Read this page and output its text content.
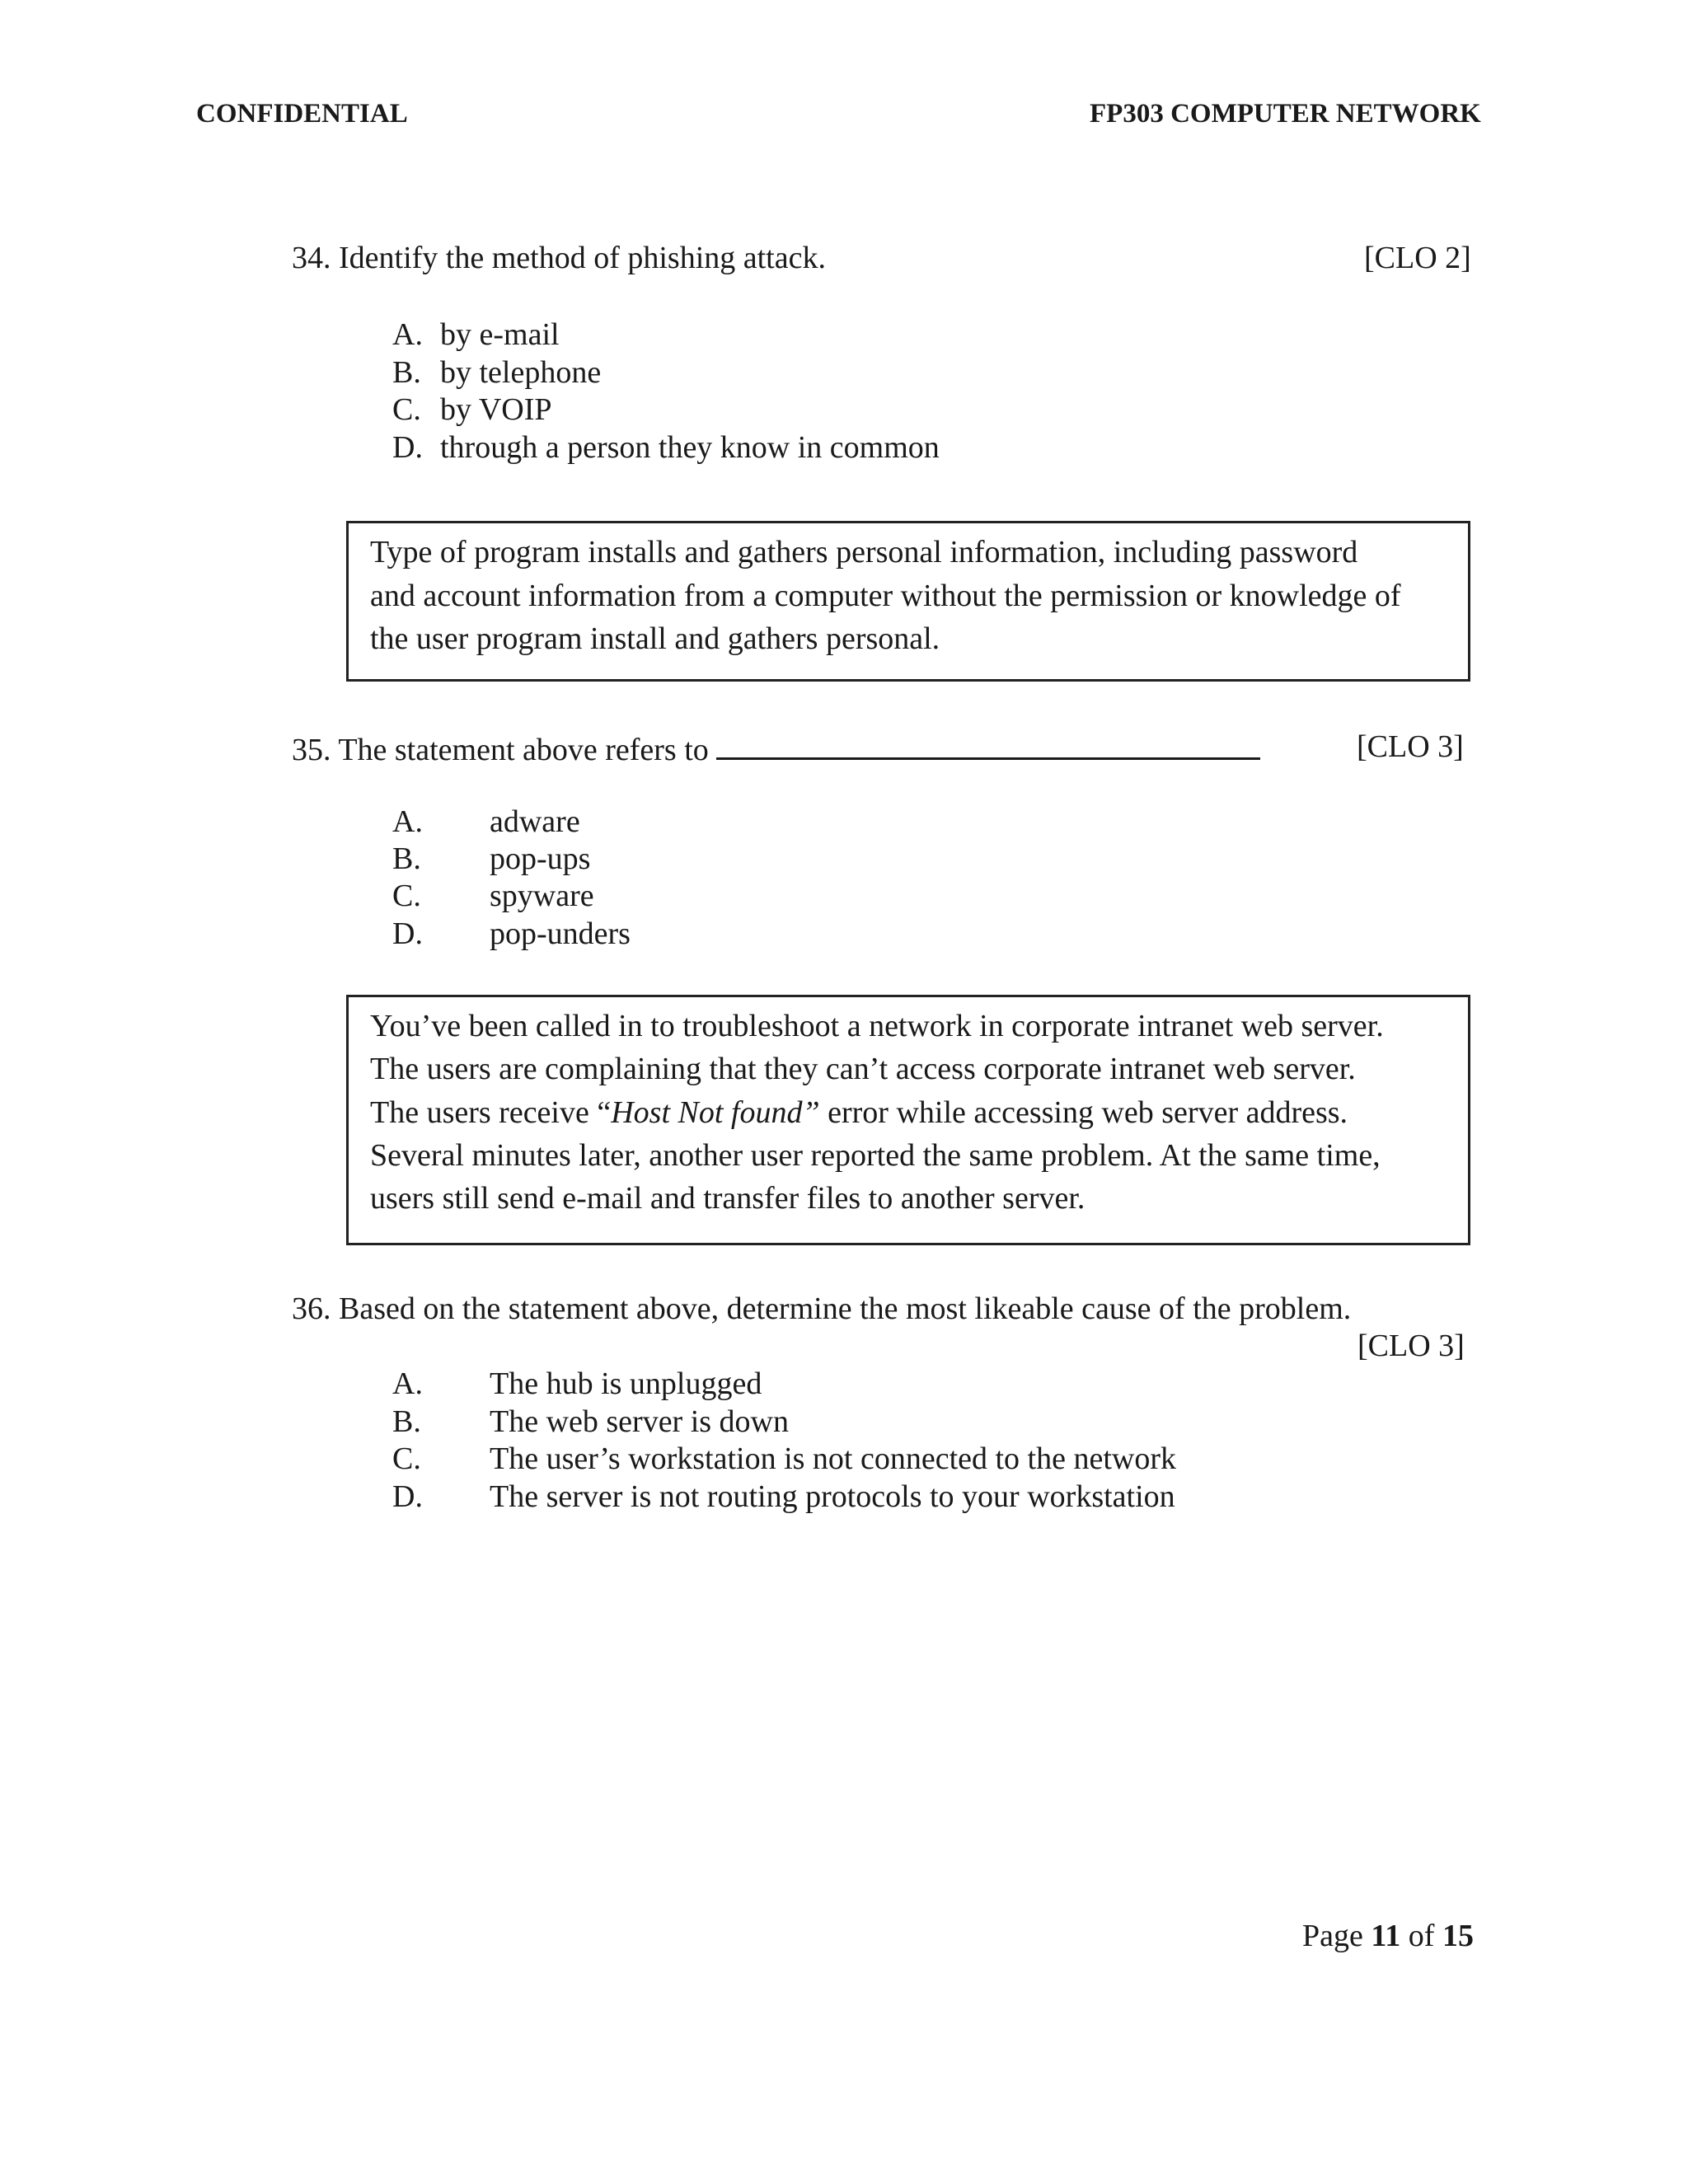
CONFIDENTIAL	FP303 COMPUTER NETWORK
34. Identify the method of phishing attack.	[CLO 2]
A. by e-mail
B. by telephone
C. by VOIP
D. through a person they know in common
Type of program installs and gathers personal information, including password
and account information from a computer without the permission or knowledge of
the user program install and gathers personal.
35. The statement above refers to	[CLO 3]
A. adware
B. pop-ups
C. spyware
D. pop-unders
You’ve been called in to troubleshoot a network in corporate intranet web server.
The users are complaining that they can’t access corporate intranet web server.
The users receive “Host Not found” error while accessing web server address.
Several minutes later, another user reported the same problem. At the same time,
users still send e-mail and transfer files to another server.
36. Based on the statement above, determine the most likeable cause of the problem.
[CLO 3]
A. The hub is unplugged
B. The web server is down
C. The user’s workstation is not connected to the network
D. The server is not routing protocols to your workstation
Page 11 of 15
